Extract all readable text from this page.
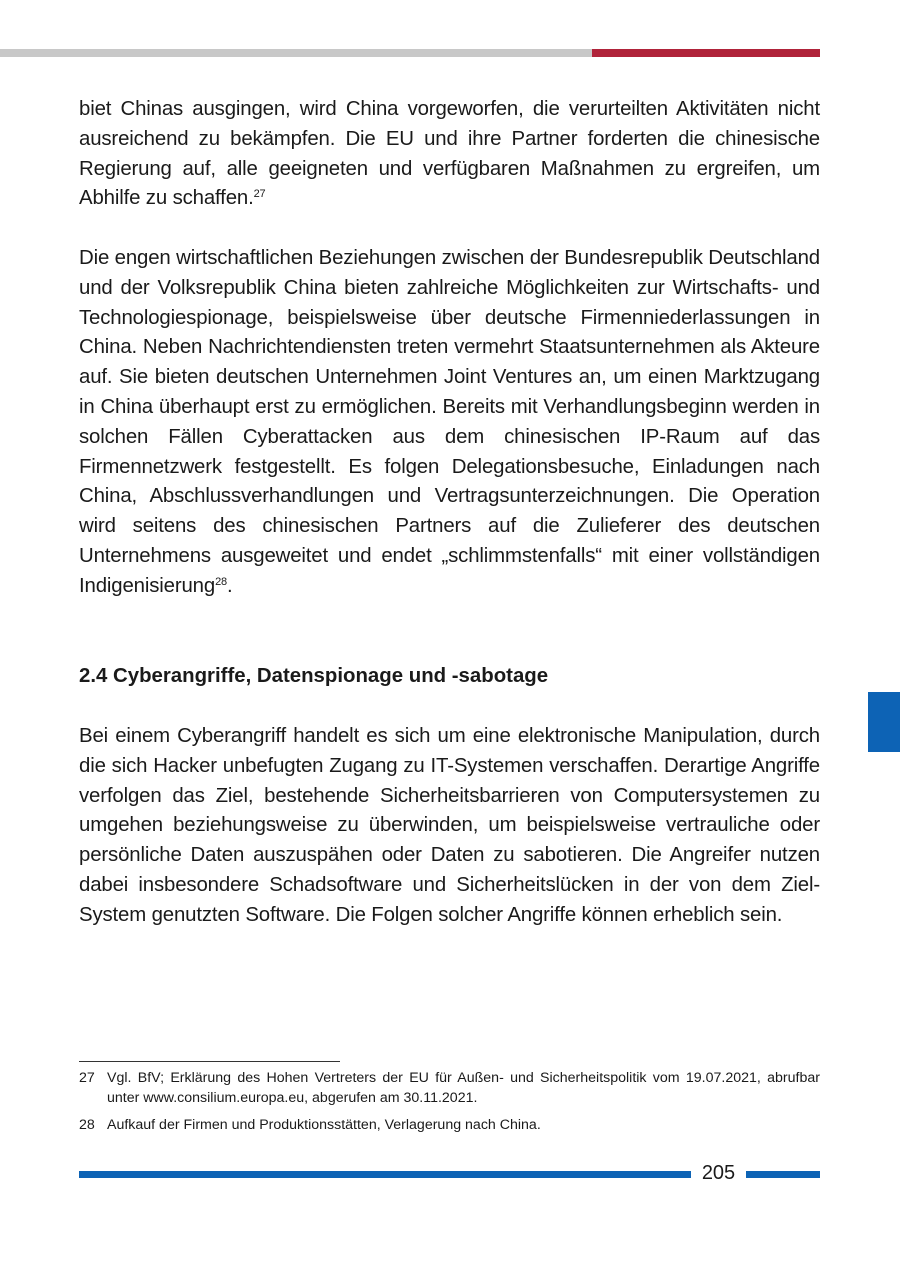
biet Chinas ausgingen, wird China vorgeworfen, die verurteilten Aktivitäten nicht ausreichend zu bekämpfen. Die EU und ihre Partner forderten die chinesische Regierung auf, alle geeigneten und verfügbaren Maßnahmen zu ergreifen, um Abhilfe zu schaffen.$^{27}$

Die engen wirtschaftlichen Beziehungen zwischen der Bundesrepublik Deutschland und der Volksrepublik China bieten zahlreiche Möglichkeiten zur Wirtschafts- und Technologiespionage, beispielsweise über deutsche Firmenniederlassungen in China. Neben Nachrichtendiensten treten vermehrt Staatsunternehmen als Akteure auf. Sie bieten deutschen Unternehmen Joint Ventures an, um einen Marktzugang in China überhaupt erst zu ermöglichen. Bereits mit Verhandlungsbeginn werden in solchen Fällen Cyberattacken aus dem chinesischen IP-Raum auf das Firmennetzwerk festgestellt. Es folgen Delegationsbesuche, Einladungen nach China, Abschlussverhandlungen und Vertragsunterzeichnungen. Die Operation wird seitens des chinesischen Partners auf die Zulieferer des deutschen Unternehmens ausgeweitet und endet „schlimmstenfalls“ mit einer vollständigen Indigenisierung$^{28}$.

2.4 Cyberangriffe, Datenspionage und -sabotage

Bei einem Cyberangriff handelt es sich um eine elektronische Manipulation, durch die sich Hacker unbefugten Zugang zu IT-Systemen verschaffen. Derartige Angriffe verfolgen das Ziel, bestehende Sicherheitsbarrieren von Computersystemen zu umgehen beziehungsweise zu überwinden, um beispielsweise vertrauliche oder persönliche Daten auszuspähen oder Daten zu sabotieren. Die Angreifer nutzen dabei insbesondere Schadsoftware und Sicherheitslücken in der von dem Ziel-System genutzten Software. Die Folgen solcher Angriffe können erheblich sein.

27 Vgl. BfV; Erklärung des Hohen Vertreters der EU für Außen- und Sicherheitspolitik vom 19.07.2021, abrufbar unter www.consilium.europa.eu, abgerufen am 30.11.2021.
28 Aufkauf der Firmen und Produktionsstätten, Verlagerung nach China.
205
